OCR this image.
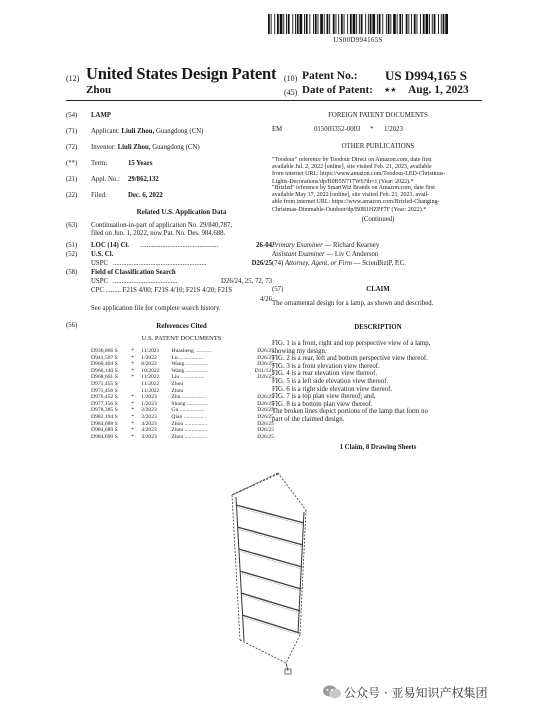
US00D994165S
(12) United States Design Patent
Zhou
(10) Patent No.: US D994,165 S
(45) Date of Patent: ★★ Aug. 1, 2023
(54) LAMP
(71) Applicant: Liuli Zhou, Guangdong (CN)
(72) Inventor: Liuli Zhou, Guangdong (CN)
(**) Term:	15 Years
(21) Appl. No.: 29/862,132
(22) Filed:	Dec. 6, 2022
Related U.S. Application Data
(63) Continuation-in-part of application No. 29/840,787,
filed on Jun. 1, 2022, now Pat. No. Des. 984,688.
(51) LOC (14) Cl. ..............................................	26-04
(52) U.S. Cl.
USPC .......................................................	D26/25
(58) Field of Classification Search
USPC ......................................	D26/24, 25, 72, 73
CPC ......... F21S 4/00; F21S 4/10; F21S 4/20; F21S
4/26
See application file for complete search history.
(56)	References Cited
U.S. PATENT DOCUMENTS
D936,866 S	*	11/2021	Huasheng ............	D26/25
D941,507 S	*	1/2022	Lu ..................	D26/25
D960,404 S	*	8/2022	Wang ................	D26/25
D966,140 S	*	10/2022	Wang ................	D11/121
D968,661 S	*	11/2022	Liu .................	D26/25
D971,455 S		11/2022	Zhou	
D971,456 S		11/2022	Zhou	
D976,452 S	*	1/2023	Zhu .................	D26/25
D977,156 S	*	1/2023	Shang ...............	D26/25
D978,385 S	*	2/2023	Gu ..................	D26/25
D982,194 S	*	3/2023	Qian ................	D26/25
D984,688 S	*	4/2023	Zhou ................	D26/25
D984,689 S	*	4/2023	Zhou ................	D26/25
D984,690 S	*	4/2023	Zhou ................	D26/25
FOREIGN PATENT DOCUMENTS
EM	015005352-0003 * 1/2023
OTHER PUBLICATIONS
"Toodour" reference by Toodour Direct on Amazon.com, date first
available Jul. 2, 2022 [online], site visited Feb. 21, 2023, available
from internet URL: https://www.amazon.com/Toodour-LED-Christmas-
Lights-Decorations/dp/B0B5N717W6?th=1 (Year: 2022).*
"Brizled" reference by SmartWiz Brands on Amazon.com, date first
available May 17, 2022 [online], site visited Feb. 21, 2023, avail-
able from internet URL: https://www.amazon.com/Brizled-Changing-
Christmas-Dimmable-Outdoor/dp/B0B1HZPF7F (Year: 2022).*
(Continued)
Primary Examiner — Richard Kearney
Assistant Examiner — Liv C Anderson
(74) Attorney, Agent, or Firm — ScienBiziP, P.C.
(57)	CLAIM
The ornamental design for a lamp, as shown and described.
DESCRIPTION
FIG. 1 is a front, right and top perspective view of a lamp,
showing my design.
FIG. 2 is a rear, left and bottom perspective view thereof.
FIG. 3 is a front elevation view thereof.
FIG. 4 is a rear elevation view thereof.
FIG. 5 is a left side elevation view thereof.
FIG. 6 is a right side elevation view thereof.
FIG. 7 is a top plan view thereof; and,
FIG. 8 is a bottom plan view thereof.
The broken lines depict portions of the lamp that form no
part of the claimed design.
1 Claim, 8 Drawing Sheets
公众号 · 亚易知识产权集团
